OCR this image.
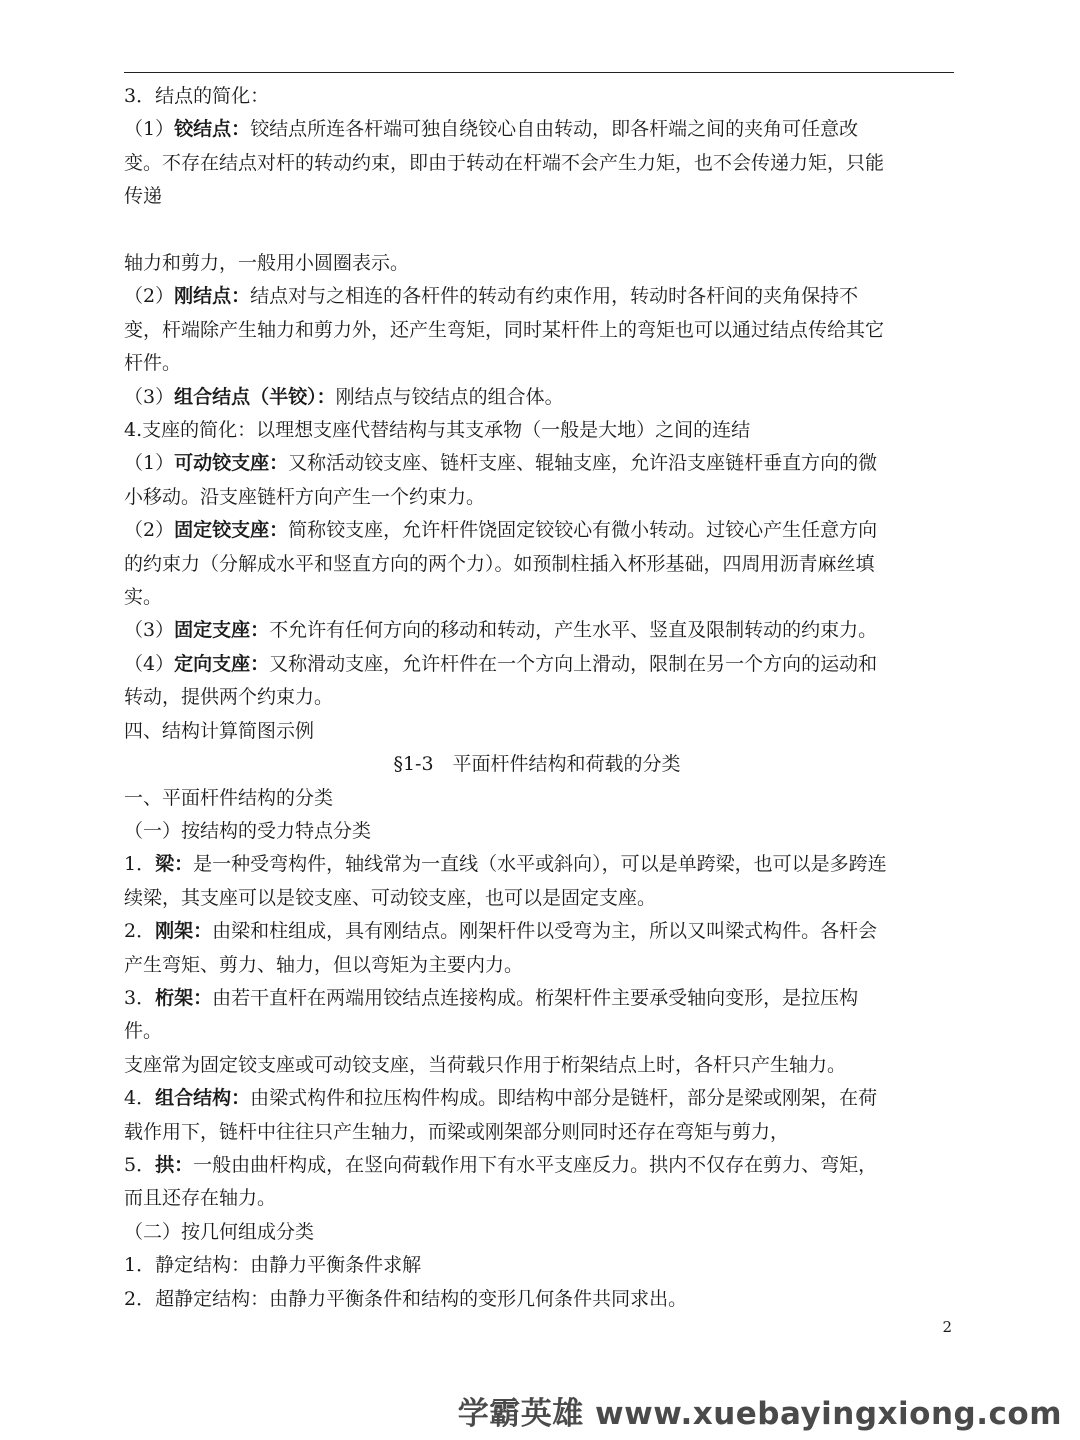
3．结点的简化：

（1）铰结点：铰结点所连各杆端可独自绕铰心自由转动，即各杆端之间的夹角可任意改

变。不存在结点对杆的转动约束，即由于转动在杆端不会产生力矩，也不会传递力矩，只能

传递

轴力和剪力，一般用小圆圈表示。

（2）刚结点：结点对与之相连的各杆件的转动有约束作用，转动时各杆间的夹角保持不

变，杆端除产生轴力和剪力外，还产生弯矩，同时某杆件上的弯矩也可以通过结点传给其它

杆件。

（3）组合结点（半铰）：刚结点与铰结点的组合体。

4.支座的简化：以理想支座代替结构与其支承物（一般是大地）之间的连结

（1）可动铰支座：又称活动铰支座、链杆支座、辊轴支座，允许沿支座链杆垂直方向的微

小移动。沿支座链杆方向产生一个约束力。

（2）固定铰支座：简称铰支座，允许杆件饶固定铰铰心有微小转动。过铰心产生任意方向

的约束力（分解成水平和竖直方向的两个力）。如预制柱插入杯形基础，四周用沥青麻丝填

实。

（3）固定支座：不允许有任何方向的移动和转动，产生水平、竖直及限制转动的约束力。

（4）定向支座：又称滑动支座，允许杆件在一个方向上滑动，限制在另一个方向的运动和

转动，提供两个约束力。

四、结构计算简图示例

§1-3　平面杆件结构和荷载的分类

一、平面杆件结构的分类

（一）按结构的受力特点分类

1．梁：是一种受弯构件，轴线常为一直线（水平或斜向），可以是单跨梁，也可以是多跨连

续梁，其支座可以是铰支座、可动铰支座，也可以是固定支座。

2．刚架：由梁和柱组成，具有刚结点。刚架杆件以受弯为主，所以又叫梁式构件。各杆会

产生弯矩、剪力、轴力，但以弯矩为主要内力。

3．桁架：由若干直杆在两端用铰结点连接构成。桁架杆件主要承受轴向变形，是拉压构

件。

支座常为固定铰支座或可动铰支座，当荷载只作用于桁架结点上时，各杆只产生轴力。

4．组合结构：由梁式构件和拉压构件构成。即结构中部分是链杆，部分是梁或刚架，在荷

载作用下，链杆中往往只产生轴力，而梁或刚架部分则同时还存在弯矩与剪力，

5．拱：一般由曲杆构成，在竖向荷载作用下有水平支座反力。拱内不仅存在剪力、弯矩，

而且还存在轴力。

（二）按几何组成分类

1．静定结构：由静力平衡条件求解

2．超静定结构：由静力平衡条件和结构的变形几何条件共同求出。

2
学霸英雄 www.xuebayingxiong.com
